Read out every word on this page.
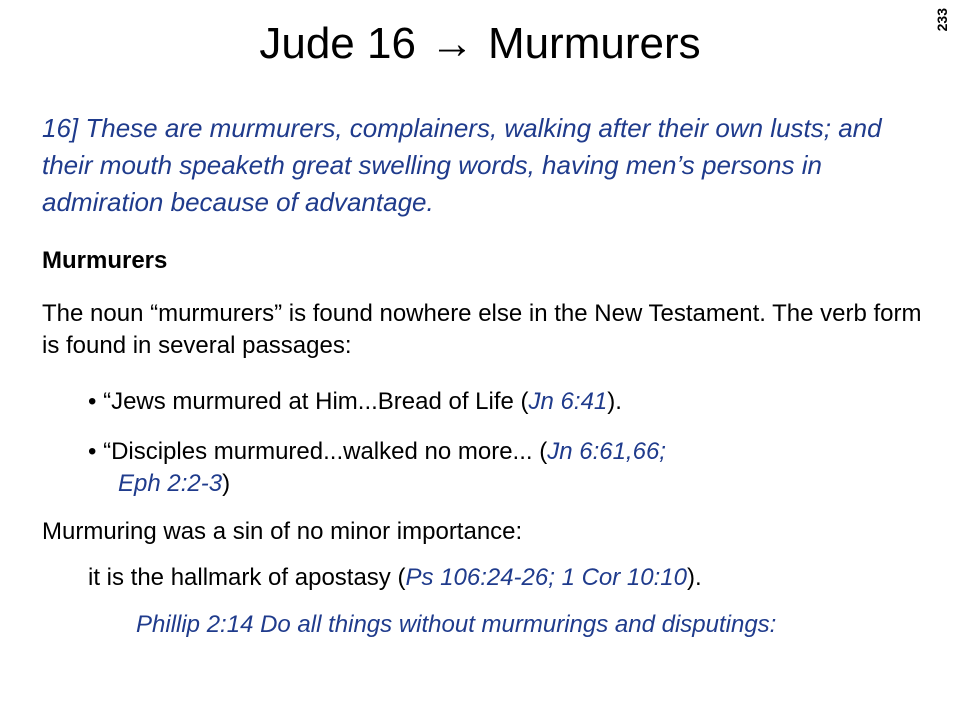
Jude 16 → Murmurers	233
16] These are murmurers, complainers, walking after their own lusts; and their mouth speaketh great swelling words, having men’s persons in admiration because of advantage.
Murmurers
The noun “murmurers” is found nowhere else in the New Testament. The verb form is found in several passages:
• “Jews murmured at Him...Bread of Life (Jn 6:41).
• “Disciples murmured...walked no more... (Jn 6:61,66;
Eph 2:2-3)
Murmuring was a sin of no minor importance:
it is the hallmark of apostasy (Ps 106:24-26; 1 Cor 10:10).
Phillip 2:14 Do all things without murmurings and disputings:
